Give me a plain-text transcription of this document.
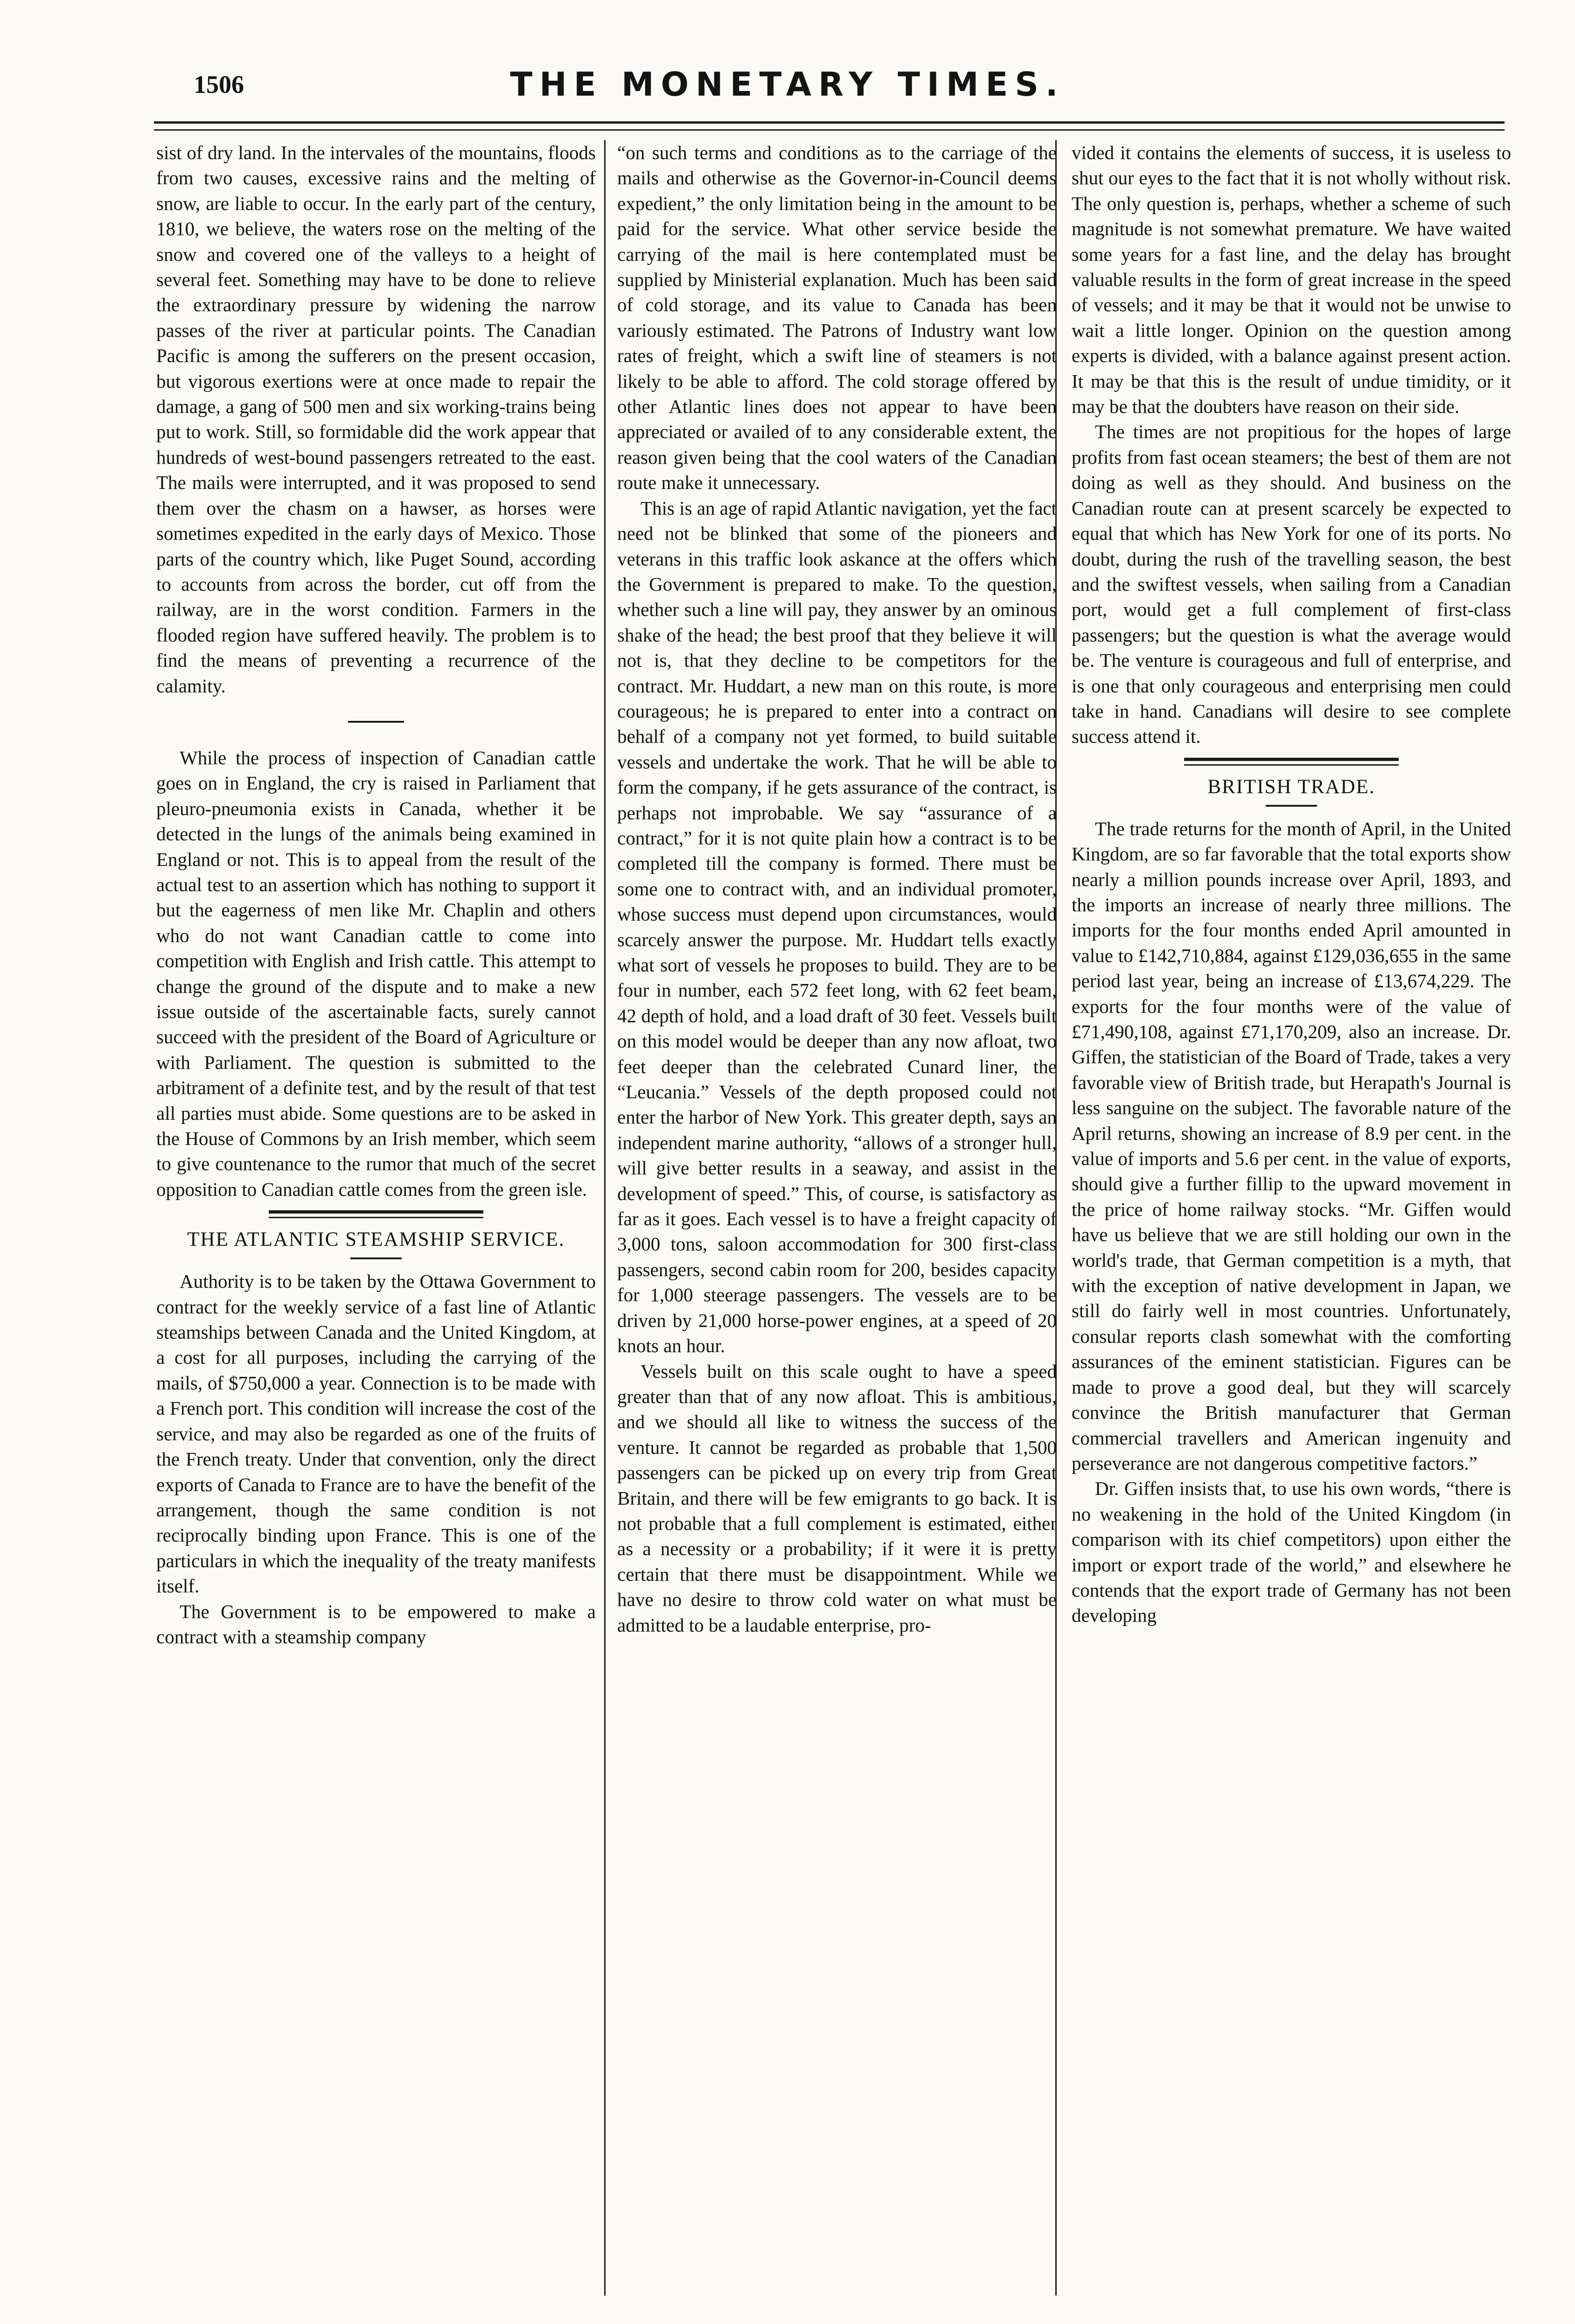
1506	THE MONETARY TIMES.

sist of dry land. In the intervales of the mountains, floods from two causes, excessive rains and the melting of snow, are liable to occur. In the early part of the century, 1810, we believe, the waters rose on the melting of the snow and covered one of the valleys to a height of several feet. Something may have to be done to relieve the extraordinary pressure by widening the narrow passes of the river at particular points. The Canadian Pacific is among the sufferers on the present occasion, but vigorous exertions were at once made to repair the damage, a gang of 500 men and six working-trains being put to work. Still, so formidable did the work appear that hundreds of west-bound passengers retreated to the east. The mails were interrupted, and it was proposed to send them over the chasm on a hawser, as horses were sometimes expedited in the early days of Mexico. Those parts of the country which, like Puget Sound, according to accounts from across the border, cut off from the railway, are in the worst condition. Farmers in the flooded region have suffered heavily. The problem is to find the means of preventing a recurrence of the calamity.

While the process of inspection of Canadian cattle goes on in England, the cry is raised in Parliament that pleuro-pneumonia exists in Canada, whether it be detected in the lungs of the animals being examined in England or not. This is to appeal from the result of the actual test to an assertion which has nothing to support it but the eagerness of men like Mr. Chaplin and others who do not want Canadian cattle to come into competition with English and Irish cattle. This attempt to change the ground of the dispute and to make a new issue outside of the ascertainable facts, surely cannot succeed with the president of the Board of Agriculture or with Parliament. The question is submitted to the arbitrament of a definite test, and by the result of that test all parties must abide. Some questions are to be asked in the House of Commons by an Irish member, which seem to give countenance to the rumor that much of the secret opposition to Canadian cattle comes from the green isle.

THE ATLANTIC STEAMSHIP SERVICE.

Authority is to be taken by the Ottawa Government to contract for the weekly service of a fast line of Atlantic steamships between Canada and the United Kingdom, at a cost for all purposes, including the carrying of the mails, of $750,000 a year. Connection is to be made with a French port. This condition will increase the cost of the service, and may also be regarded as one of the fruits of the French treaty. Under that convention, only the direct exports of Canada to France are to have the benefit of the arrangement, though the same condition is not reciprocally binding upon France. This is one of the particulars in which the inequality of the treaty manifests itself.

The Government is to be empowered to make a contract with a steamship company

“on such terms and conditions as to the carriage of the mails and otherwise as the Governor-in-Council deems expedient,” the only limitation being in the amount to be paid for the service. What other service beside the carrying of the mail is here contemplated must be supplied by Ministerial explanation. Much has been said of cold storage, and its value to Canada has been variously estimated. The Patrons of Industry want low rates of freight, which a swift line of steamers is not likely to be able to afford. The cold storage offered by other Atlantic lines does not appear to have been appreciated or availed of to any considerable extent, the reason given being that the cool waters of the Canadian route make it unnecessary.

This is an age of rapid Atlantic navigation, yet the fact need not be blinked that some of the pioneers and veterans in this traffic look askance at the offers which the Government is prepared to make. To the question, whether such a line will pay, they answer by an ominous shake of the head; the best proof that they believe it will not is, that they decline to be competitors for the contract. Mr. Huddart, a new man on this route, is more courageous; he is prepared to enter into a contract on behalf of a company not yet formed, to build suitable vessels and undertake the work. That he will be able to form the company, if he gets assurance of the contract, is perhaps not improbable. We say “assurance of a contract,” for it is not quite plain how a contract is to be completed till the company is formed. There must be some one to contract with, and an individual promoter, whose success must depend upon circumstances, would scarcely answer the purpose. Mr. Huddart tells exactly what sort of vessels he proposes to build. They are to be four in number, each 572 feet long, with 62 feet beam, 42 depth of hold, and a load draft of 30 feet. Vessels built on this model would be deeper than any now afloat, two feet deeper than the celebrated Cunard liner, the “Leucania.” Vessels of the depth proposed could not enter the harbor of New York. This greater depth, says an independent marine authority, “allows of a stronger hull, will give better results in a seaway, and assist in the development of speed.” This, of course, is satisfactory as far as it goes. Each vessel is to have a freight capacity of 3,000 tons, saloon accommodation for 300 first-class passengers, second cabin room for 200, besides capacity for 1,000 steerage passengers. The vessels are to be driven by 21,000 horse-power engines, at a speed of 20 knots an hour.

Vessels built on this scale ought to have a speed greater than that of any now afloat. This is ambitious, and we should all like to witness the success of the venture. It cannot be regarded as probable that 1,500 passengers can be picked up on every trip from Great Britain, and there will be few emigrants to go back. It is not probable that a full complement is estimated, either as a necessity or a probability; if it were it is pretty certain that there must be disappointment. While we have no desire to throw cold water on what must be admitted to be a laudable enterprise, pro-

vided it contains the elements of success, it is useless to shut our eyes to the fact that it is not wholly without risk. The only question is, perhaps, whether a scheme of such magnitude is not somewhat premature. We have waited some years for a fast line, and the delay has brought valuable results in the form of great increase in the speed of vessels; and it may be that it would not be unwise to wait a little longer. Opinion on the question among experts is divided, with a balance against present action. It may be that this is the result of undue timidity, or it may be that the doubters have reason on their side.

The times are not propitious for the hopes of large profits from fast ocean steamers; the best of them are not doing as well as they should. And business on the Canadian route can at present scarcely be expected to equal that which has New York for one of its ports. No doubt, during the rush of the travelling season, the best and the swiftest vessels, when sailing from a Canadian port, would get a full complement of first-class passengers; but the question is what the average would be. The venture is courageous and full of enterprise, and is one that only courageous and enterprising men could take in hand. Canadians will desire to see complete success attend it.

BRITISH TRADE.

The trade returns for the month of April, in the United Kingdom, are so far favorable that the total exports show nearly a million pounds increase over April, 1893, and the imports an increase of nearly three millions. The imports for the four months ended April amounted in value to £142,710,884, against £129,036,655 in the same period last year, being an increase of £13,674,229. The exports for the four months were of the value of £71,490,108, against £71,170,209, also an increase. Dr. Giffen, the statistician of the Board of Trade, takes a very favorable view of British trade, but Herapath's Journal is less sanguine on the subject. The favorable nature of the April returns, showing an increase of 8.9 per cent. in the value of imports and 5.6 per cent. in the value of exports, should give a further fillip to the upward movement in the price of home railway stocks. “Mr. Giffen would have us believe that we are still holding our own in the world's trade, that German competition is a myth, that with the exception of native development in Japan, we still do fairly well in most countries. Unfortunately, consular reports clash somewhat with the comforting assurances of the eminent statistician. Figures can be made to prove a good deal, but they will scarcely convince the British manufacturer that German commercial travellers and American ingenuity and perseverance are not dangerous competitive factors.”

Dr. Giffen insists that, to use his own words, “there is no weakening in the hold of the United Kingdom (in comparison with its chief competitors) upon either the import or export trade of the world,” and elsewhere he contends that the export trade of Germany has not been developing
